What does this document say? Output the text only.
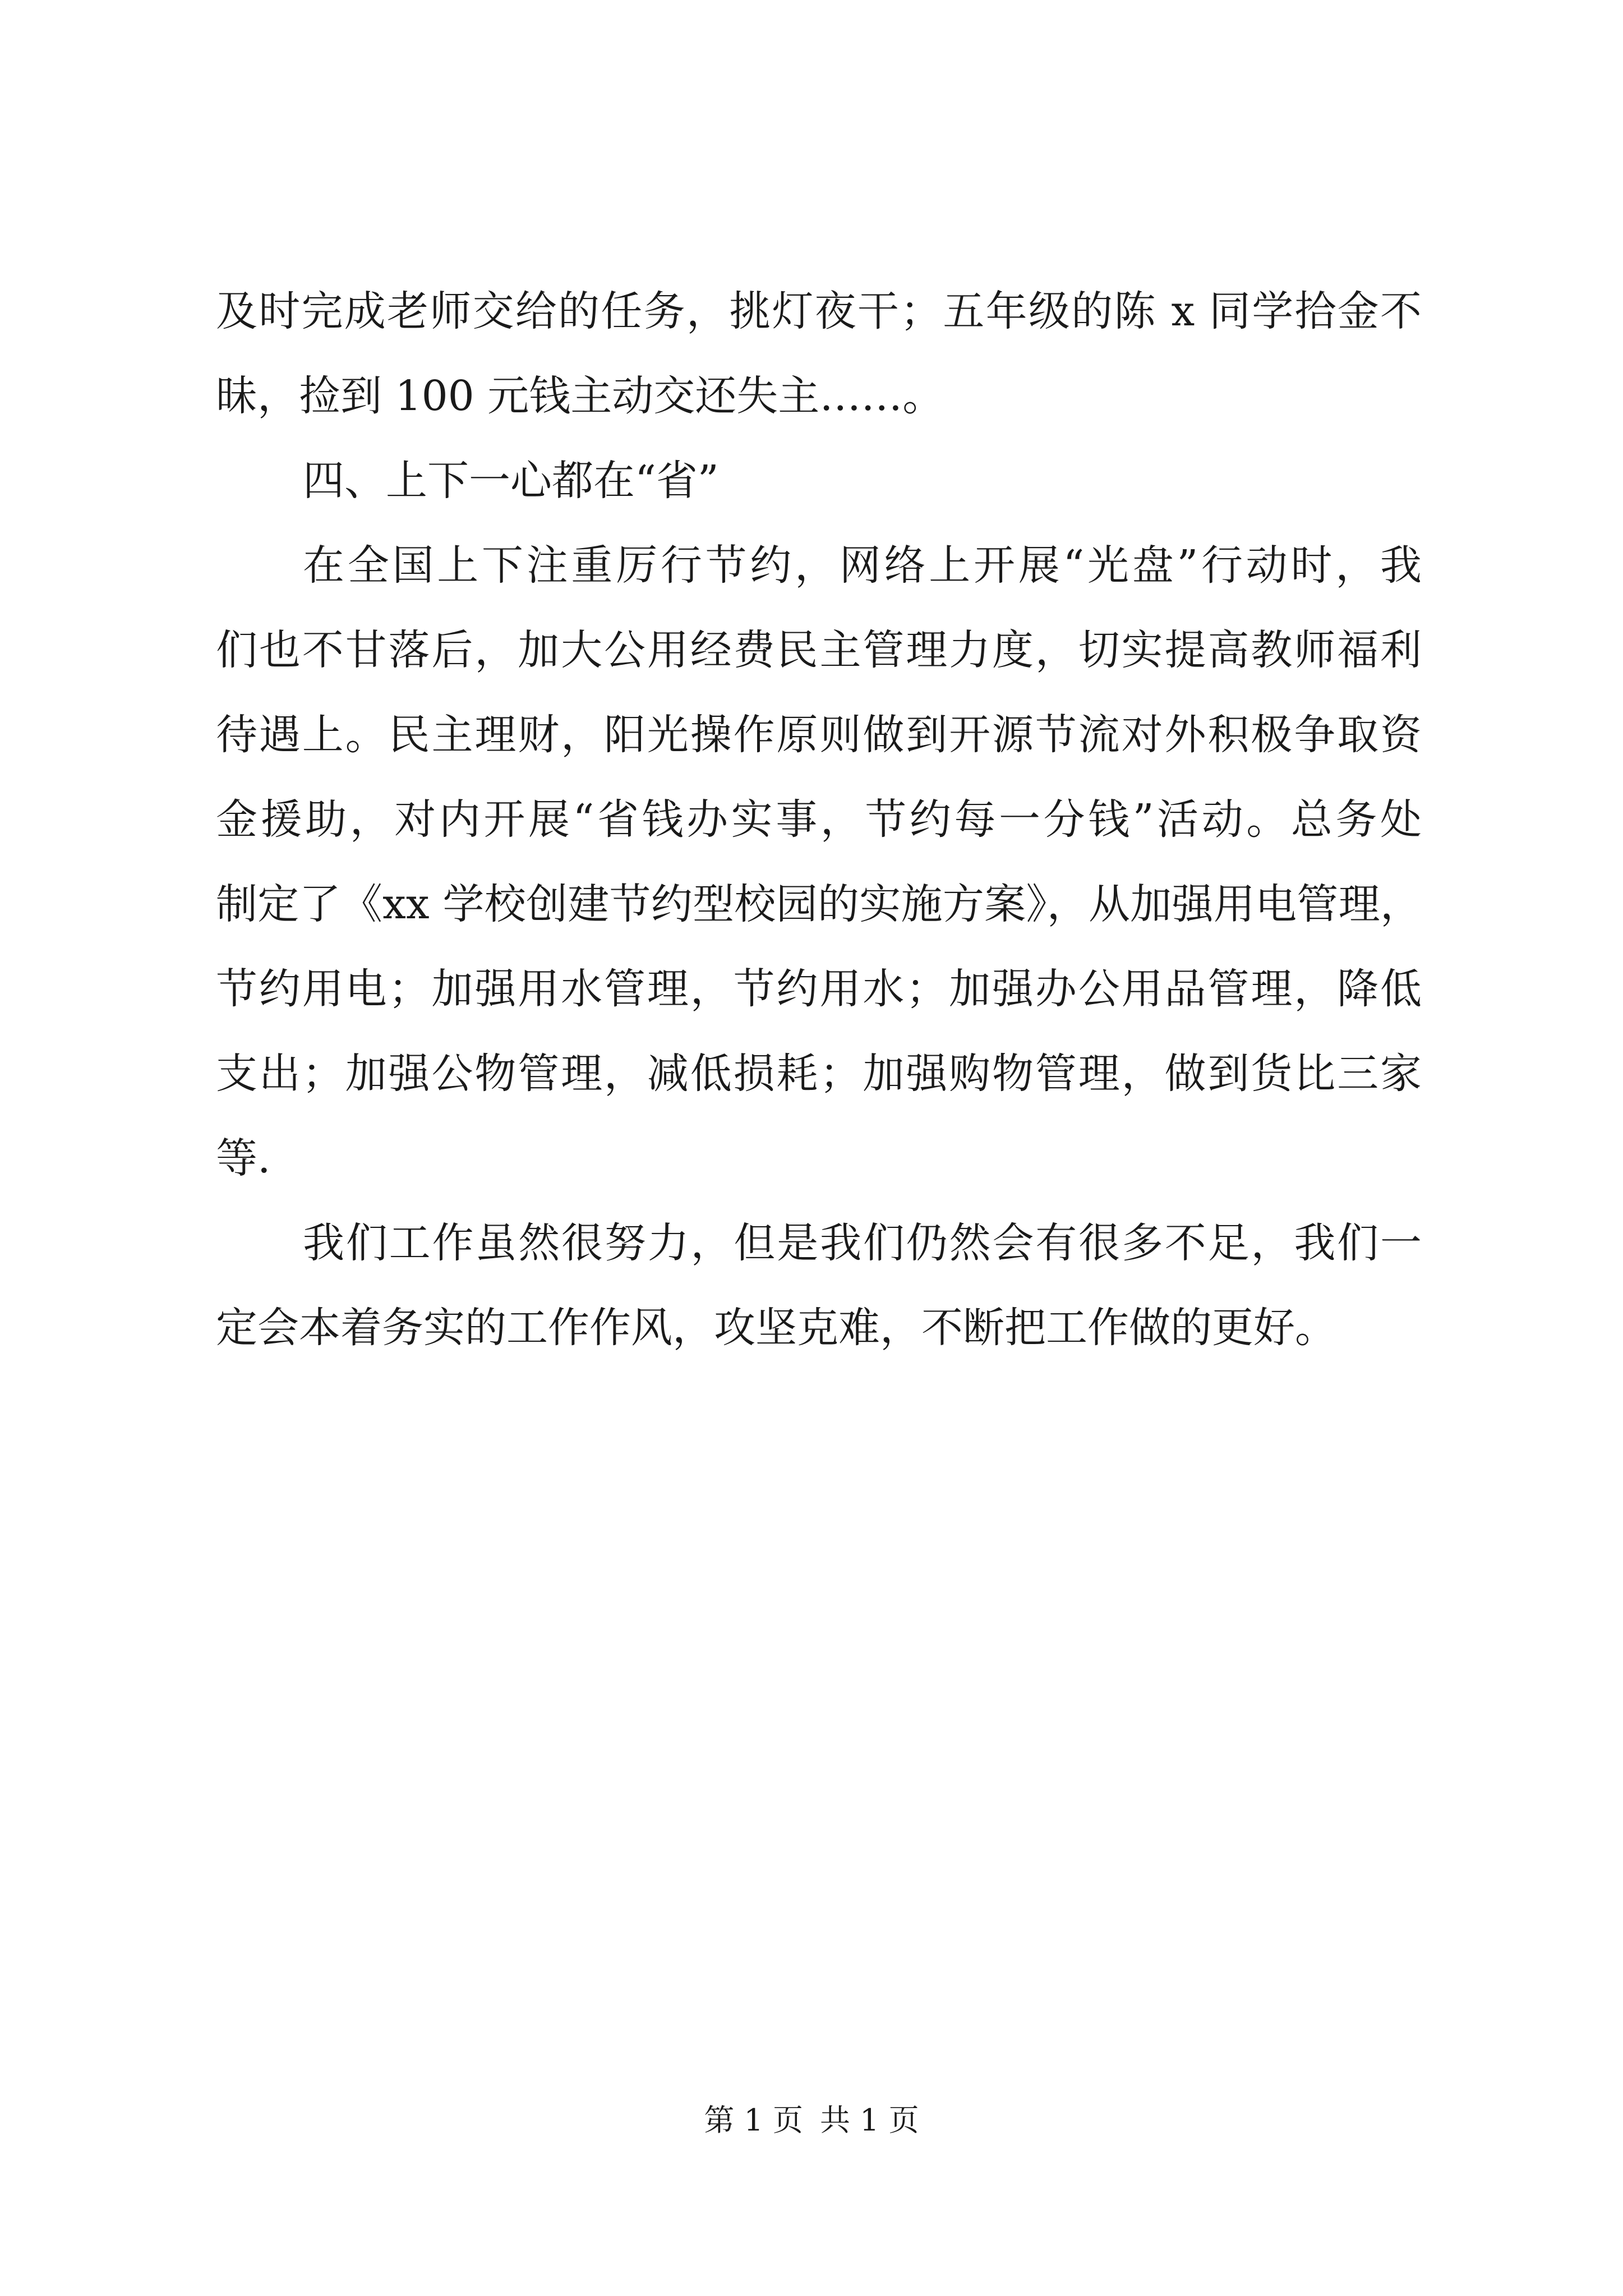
及时完成老师交给的任务，挑灯夜干；五年级的陈 x 同学拾金不
昧，捡到 100 元钱主动交还失主……。
四、上下一心都在“省”
在全国上下注重厉行节约，网络上开展“光盘”行动时，我
们也不甘落后，加大公用经费民主管理力度，切实提高教师福利
待遇上。民主理财，阳光操作原则做到开源节流对外积极争取资
金援助，对内开展“省钱办实事，节约每一分钱”活动。总务处
制定了《xx 学校创建节约型校园的实施方案》，从加强用电管理，
节约用电；加强用水管理，节约用水；加强办公用品管理，降低
支出；加强公物管理，减低损耗；加强购物管理，做到货比三家
等.
我们工作虽然很努力，但是我们仍然会有很多不足，我们一
定会本着务实的工作作风，攻坚克难，不断把工作做的更好。
第 1 页 共 1 页
